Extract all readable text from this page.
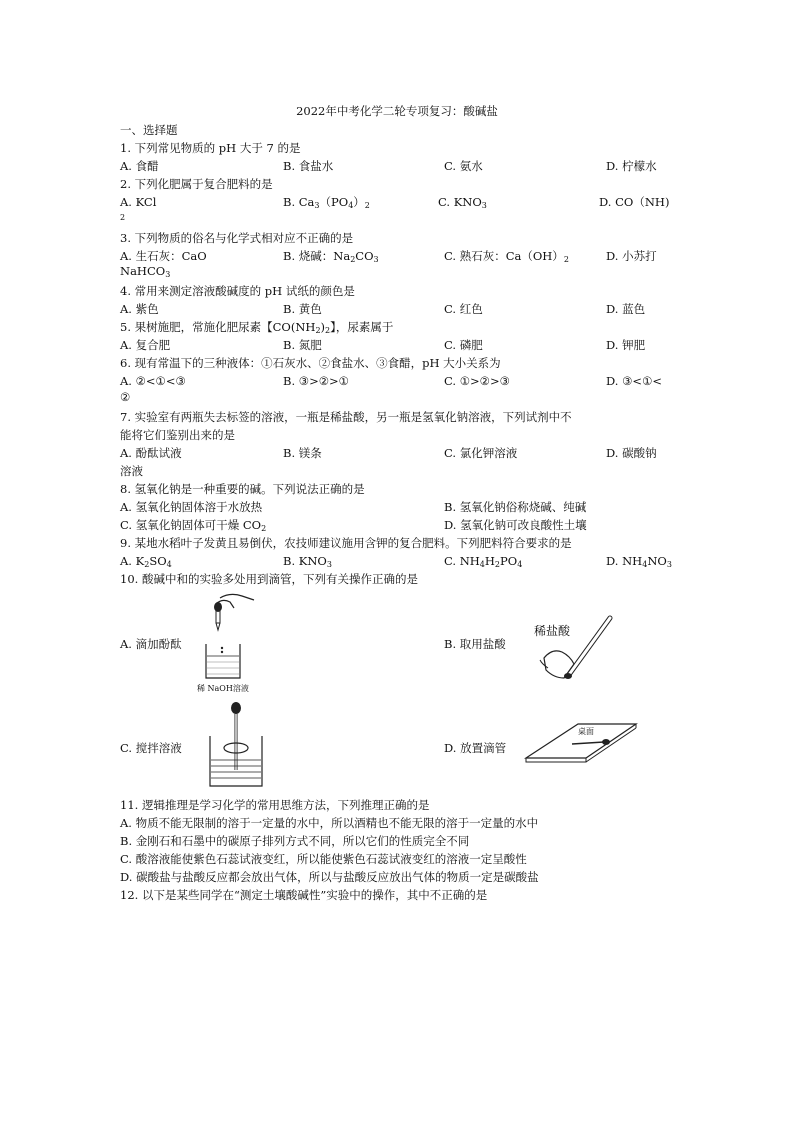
2022年中考化学二轮专项复习：酸碱盐
一、选择题
1. 下列常见物质的 pH 大于 7 的是
A. 食醋	B. 食盐水	C. 氨水	D. 柠檬水
2. 下列化肥属于复合肥料的是
A. KCl	B. $Ca_3(PO_4)_2$	C. $KNO_3$	D. CO（NH)
2
3. 下列物质的俗名与化学式相对应不正确的是
A. 生石灰：CaO	B. 烧碱：$Na_2CO_3$	C. 熟石灰：$Ca(OH)_2$	D. 小苏打
NaHCO$_3$
4. 常用来测定溶液酸碱度的 pH 试纸的颜色是
A. 紫色	B. 黄色	C. 红色	D. 蓝色
5. 果树施肥，常施化肥尿素【$CO(NH_2)_2$】，尿素属于
A. 复合肥	B. 氮肥	C. 磷肥	D. 钾肥
6. 现有常温下的三种液体：①石灰水、②食盐水、③食醋，pH 大小关系为
A. ②<①<③	B. ③>②>①	C. ①>②>③	D. ③<①<
②
7. 实验室有两瓶失去标签的溶液，一瓶是稀盐酸，另一瓶是氢氧化钠溶液，下列试剂中不
能将它们鉴别出来的是
A. 酚酞试液	B. 镁条	C. 氯化钾溶液	D. 碳酸钠
溶液
8. 氢氧化钠是一种重要的碱。下列说法正确的是
A. 氢氧化钠固体溶于水放热	B. 氢氧化钠俗称烧碱、纯碱
C. 氢氧化钠固体可干燥 $CO_2$	D. 氢氧化钠可改良酸性土壤
9. 某地水稻叶子发黄且易倒伏，农技师建议施用含钾的复合肥料。下列肥料符合要求的是
A. $K_2SO_4$	B. $KNO_3$	C. $NH_4H_2PO_4$	D. $NH_4NO_3$
10. 酸碱中和的实验多处用到滴管，下列有关操作正确的是
A. 滴加酚酞	B. 取用盐酸
C. 搅拌溶液	D. 放置滴管
稀 NaOH溶液
稀盐酸
桌面
11. 逻辑推理是学习化学的常用思维方法，下列推理正确的是
A. 物质不能无限制的溶于一定量的水中，所以酒精也不能无限的溶于一定量的水中
B. 金刚石和石墨中的碳原子排列方式不同，所以它们的性质完全不同
C. 酸溶液能使紫色石蕊试液变红，所以能使紫色石蕊试液变红的溶液一定呈酸性
D. 碳酸盐与盐酸反应都会放出气体，所以与盐酸反应放出气体的物质一定是碳酸盐
12. 以下是某些同学在“测定土壤酸碱性”实验中的操作，其中不正确的是
